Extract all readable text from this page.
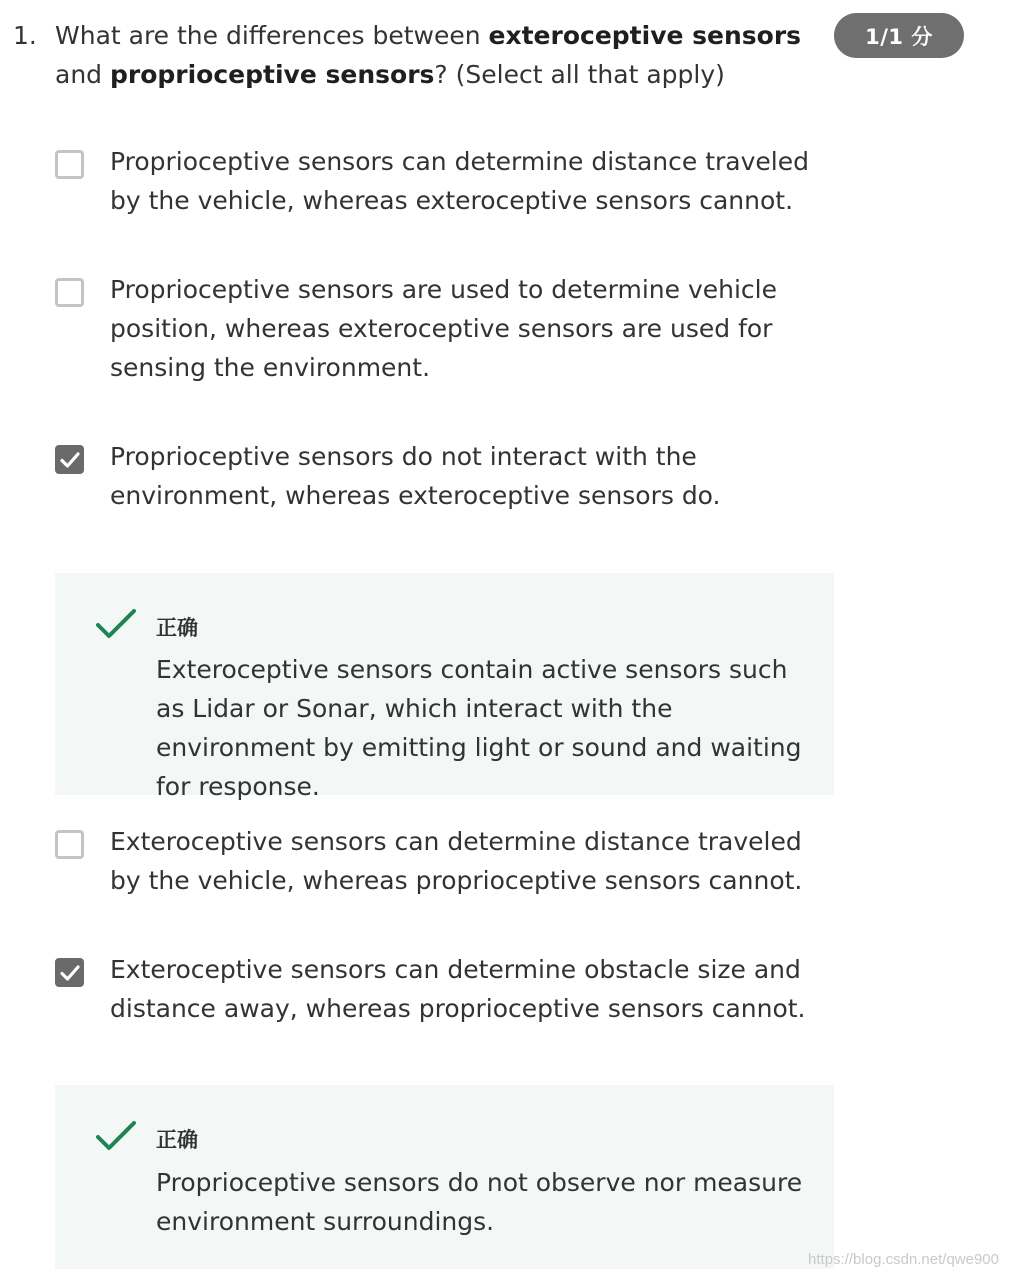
1. What are the differences between exteroceptive sensors and proprioceptive sensors? (Select all that apply)
1/1 分
Proprioceptive sensors can determine distance traveled by the vehicle, whereas exteroceptive sensors cannot.
Proprioceptive sensors are used to determine vehicle position, whereas exteroceptive sensors are used for sensing the environment.
Proprioceptive sensors do not interact with the environment, whereas exteroceptive sensors do.
正确
Exteroceptive sensors contain active sensors such as Lidar or Sonar, which interact with the environment by emitting light or sound and waiting for response.
Exteroceptive sensors can determine distance traveled by the vehicle, whereas proprioceptive sensors cannot.
Exteroceptive sensors can determine obstacle size and distance away, whereas proprioceptive sensors cannot.
正确
Proprioceptive sensors do not observe nor measure environment surroundings.
https://blog.csdn.net/qwe900
